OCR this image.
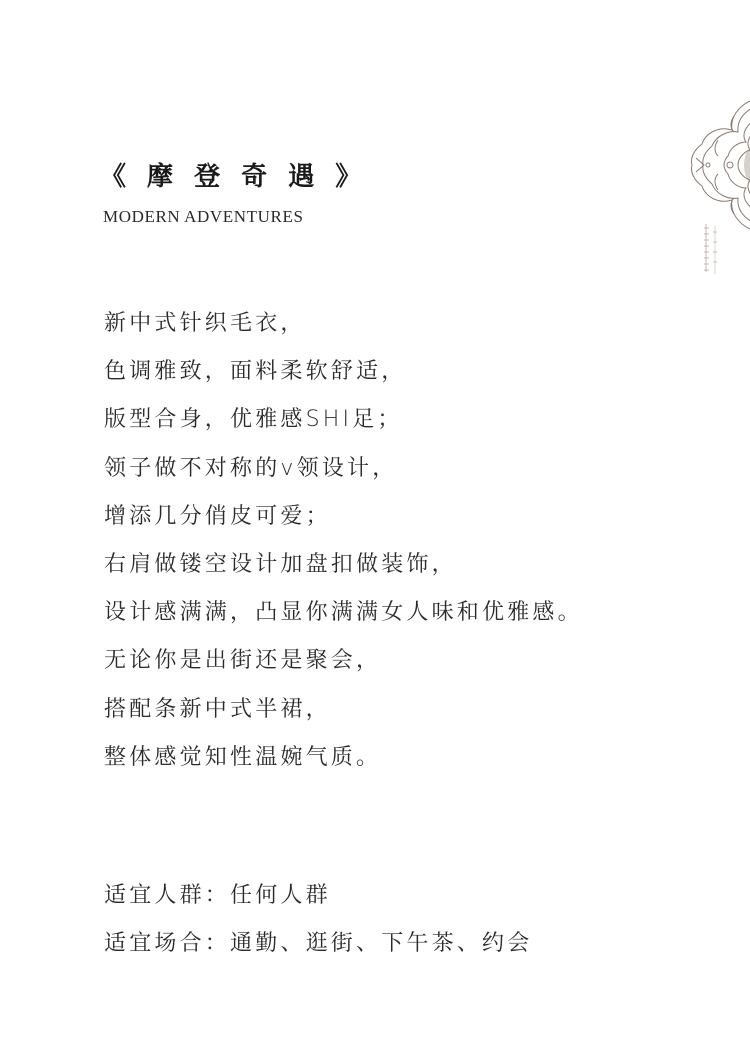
《 摩 登 奇 遇 》
MODERN ADVENTURES
新中式针织毛衣，
色调雅致，面料柔软舒适，
版型合身，优雅感SHI足；
领子做不对称的v领设计，
增添几分俏皮可爱；
右肩做镂空设计加盘扣做装饰，
设计感满满，凸显你满满女人味和优雅感。
无论你是出街还是聚会，
搭配条新中式半裙，
整体感觉知性温婉气质。
适宜人群：任何人群
适宜场合：通勤、逛街、下午茶、约会
